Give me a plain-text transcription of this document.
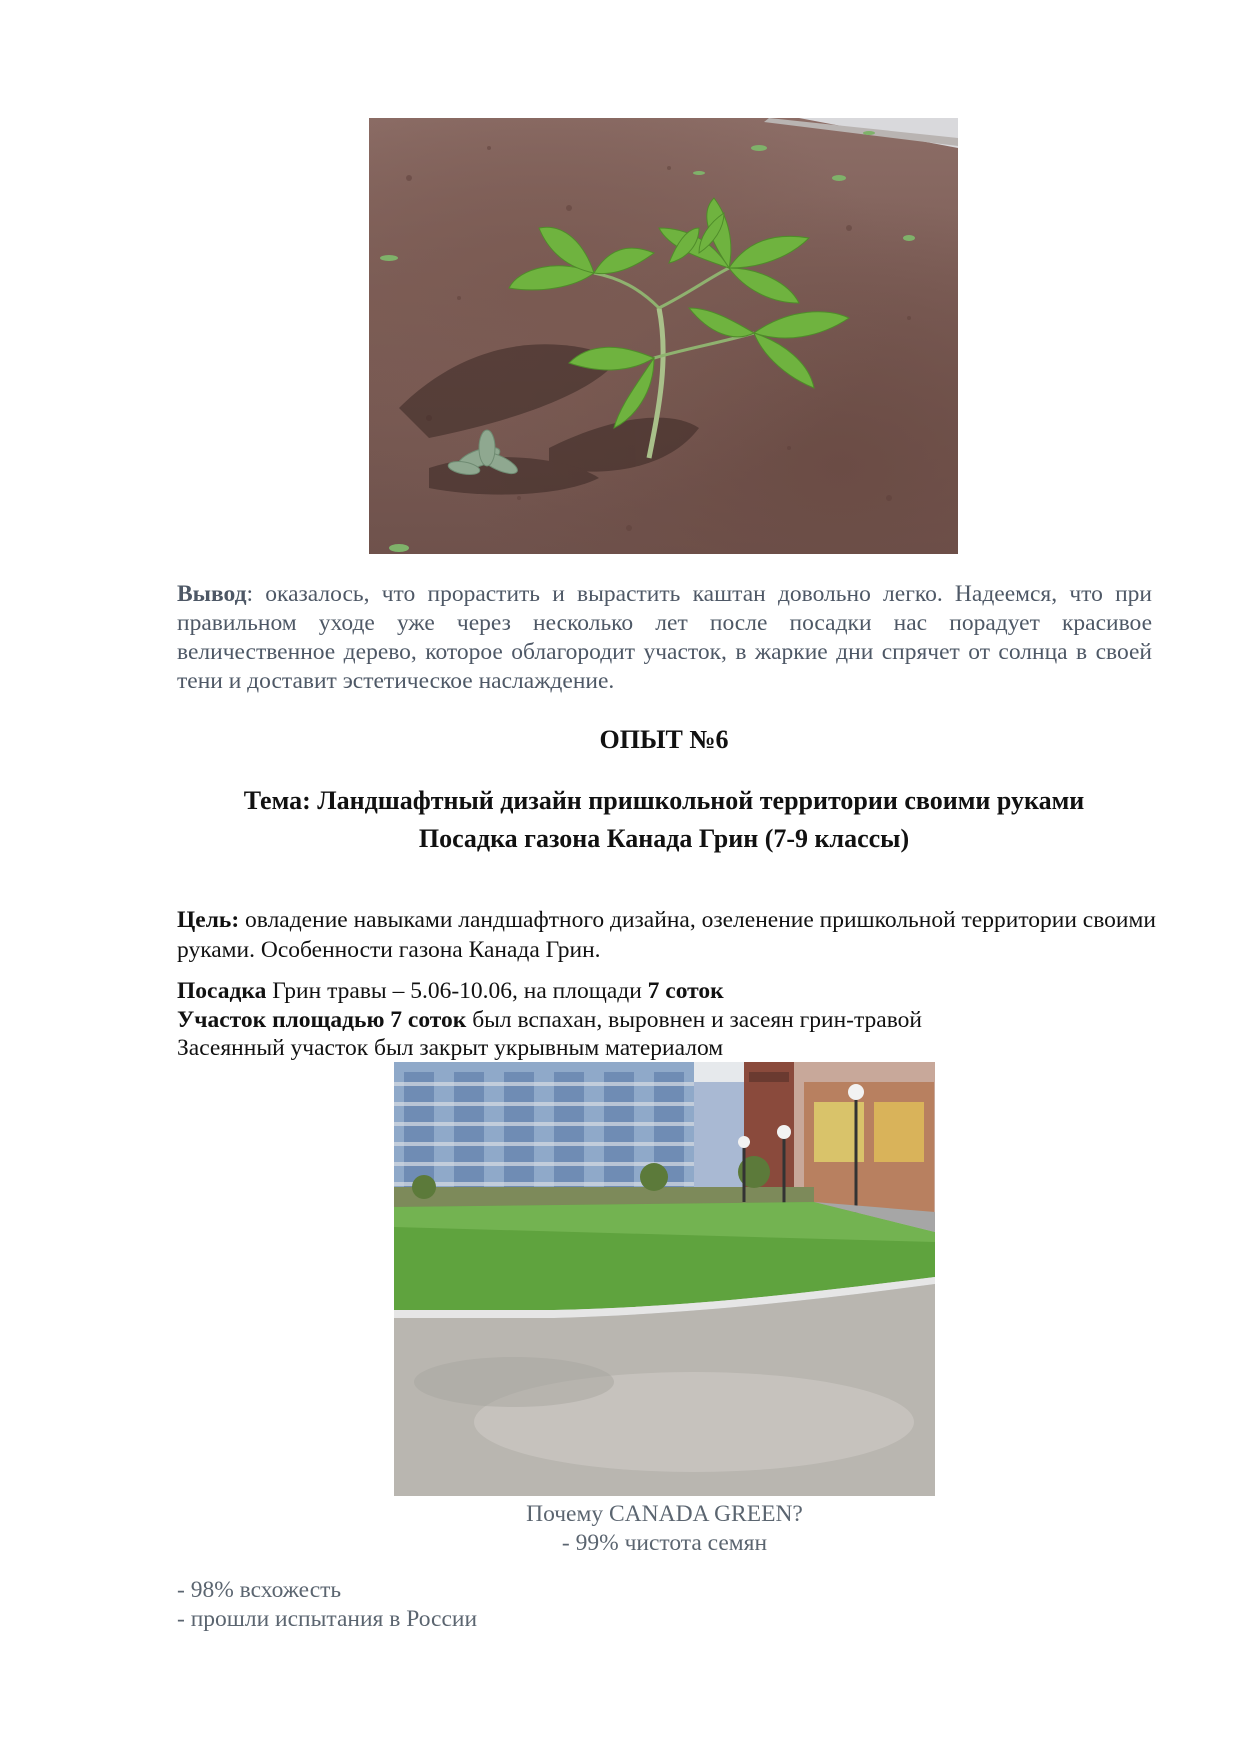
Вывод: оказалось, что прорастить и вырастить каштан довольно легко. Надеемся, что при правильном уходе уже через несколько лет после посадки нас порадует красивое величественное дерево, которое облагородит участок, в жаркие дни спрячет от солнца в своей тени и доставит эстетическое наслаждение.
ОПЫТ №6
Тема: Ландшафтный дизайн пришкольной территории своими руками
Посадка газона Канада Грин (7-9 классы)
Цель: овладение навыками ландшафтного дизайна, озеленение пришкольной территории своими руками. Особенности газона Канада Грин.
Посадка Грин травы – 5.06-10.06, на площади 7 соток
Участок площадью 7 соток был вспахан, выровнен и засеян грин-травой
Засеянный участок был закрыт укрывным материалом
Почему CANADA GREEN?
- 99% чистота семян
- 98% всхожесть
- прошли испытания в России
